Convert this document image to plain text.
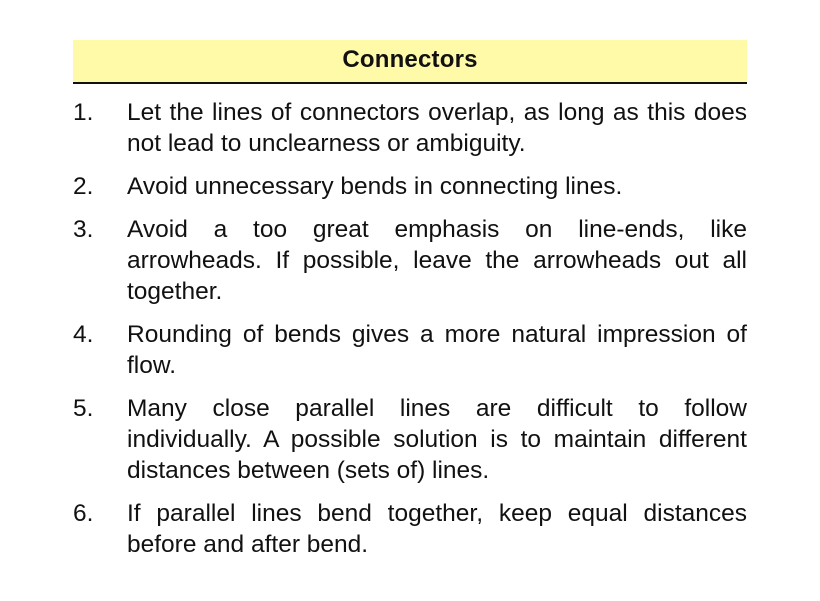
Connectors
1.	Let the lines of connectors overlap, as long as this does not lead to unclearness or ambiguity.
2.	Avoid unnecessary bends in connecting lines.
3.	Avoid a too great emphasis on line-ends, like arrowheads. If possible, leave the arrowheads out all together.
4.	Rounding of bends gives a more natural impression of flow.
5.	Many close parallel lines are difficult to follow individually. A possible solution is to maintain different distances between (sets of) lines.
6.	If parallel lines bend together, keep equal distances before and after bend.
